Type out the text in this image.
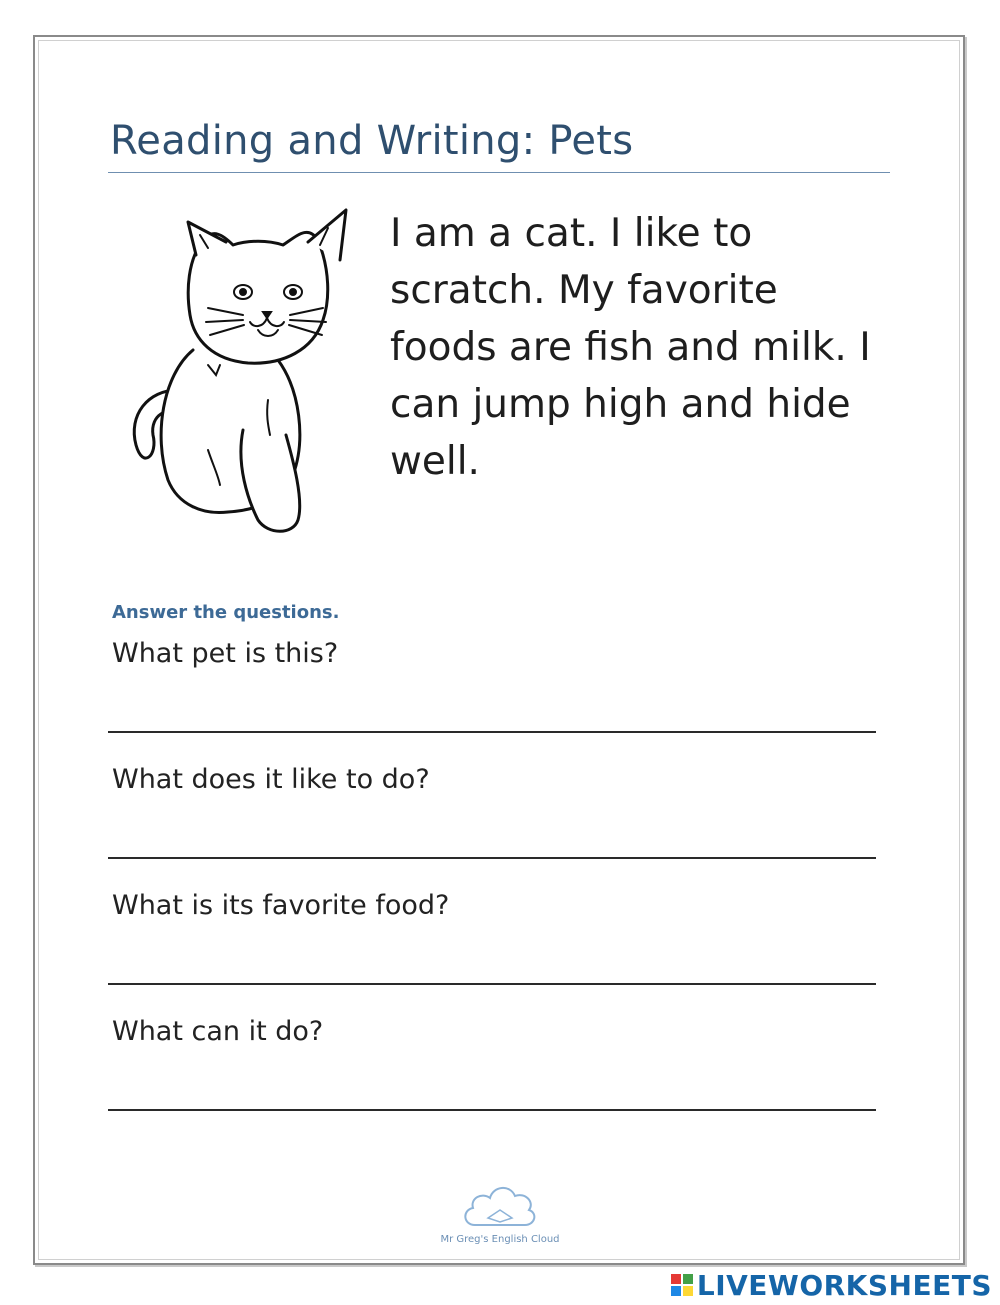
Reading and Writing: Pets
I am a cat. I like to scratch. My favorite foods are fish and milk. I can jump high and hide well.
Answer the questions.
What pet is this?
What does it like to do?
What is its favorite food?
What can it do?
Mr Greg's English Cloud
LIVEWORKSHEETS
